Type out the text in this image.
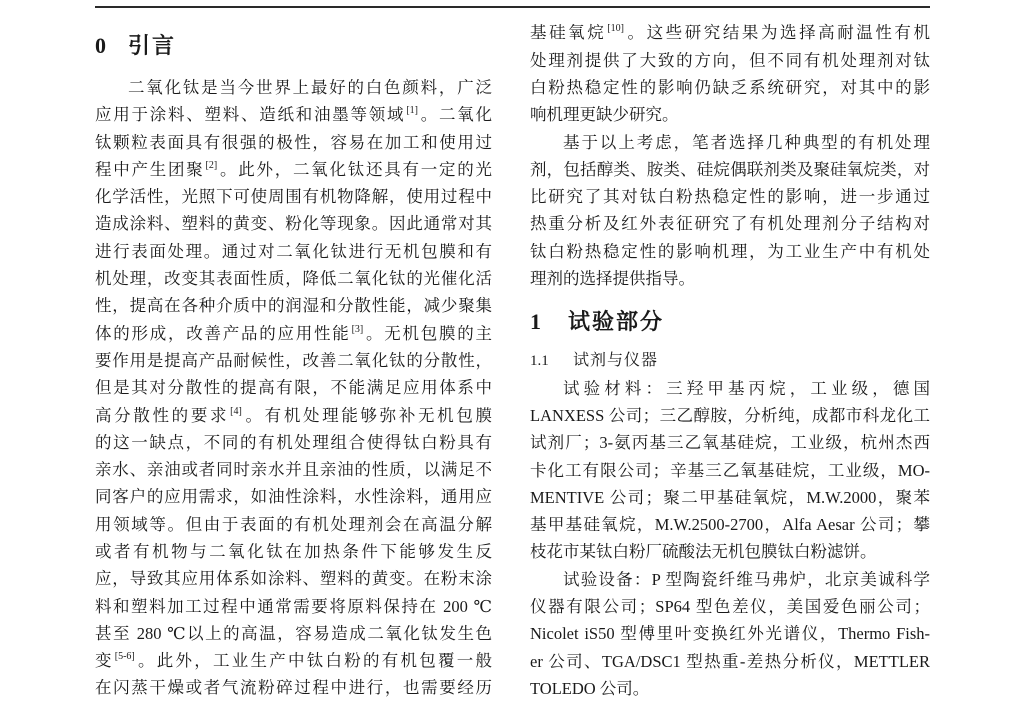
0 引言
二氧化钛是当今世界上最好的白色颜料，广泛
应用于涂料、塑料、造纸和油墨等领域[1]。二氧化
钛颗粒表面具有很强的极性，容易在加工和使用过
程中产生团聚[2]。此外，二氧化钛还具有一定的光
化学活性，光照下可使周围有机物降解，使用过程中
造成涂料、塑料的黄变、粉化等现象。因此通常对其
进行表面处理。通过对二氧化钛进行无机包膜和有
机处理，改变其表面性质，降低二氧化钛的光催化活
性，提高在各种介质中的润湿和分散性能，减少聚集
体的形成，改善产品的应用性能[3]。无机包膜的主
要作用是提高产品耐候性，改善二氧化钛的分散性，
但是其对分散性的提高有限，不能满足应用体系中
高分散性的要求[4]。有机处理能够弥补无机包膜
的这一缺点，不同的有机处理组合使得钛白粉具有
亲水、亲油或者同时亲水并且亲油的性质，以满足不
同客户的应用需求，如油性涂料，水性涂料，通用应
用领域等。但由于表面的有机处理剂会在高温分解
或者有机物与二氧化钛在加热条件下能够发生反
应，导致其应用体系如涂料、塑料的黄变。在粉末涂
料和塑料加工过程中通常需要将原料保持在 200 ℃
甚至 280 ℃以上的高温，容易造成二氧化钛发生色
变[5-6]。此外，工业生产中钛白粉的有机包覆一般
在闪蒸干燥或者气流粉碎过程中进行，也需要经历
基硅氧烷[10]。这些研究结果为选择高耐温性有机
处理剂提供了大致的方向，但不同有机处理剂对钛
白粉热稳定性的影响仍缺乏系统研究，对其中的影
响机理更缺少研究。
基于以上考虑，笔者选择几种典型的有机处理
剂，包括醇类、胺类、硅烷偶联剂类及聚硅氧烷类，对
比研究了其对钛白粉热稳定性的影响，进一步通过
热重分析及红外表征研究了有机处理剂分子结构对
钛白粉热稳定性的影响机理，为工业生产中有机处
理剂的选择提供指导。
1 试验部分
1.1 试剂与仪器
试验材料：三羟甲基丙烷，工业级，德国
LANXESS 公司；三乙醇胺，分析纯，成都市科龙化工
试剂厂；3-氨丙基三乙氧基硅烷，工业级，杭州杰西
卡化工有限公司；辛基三乙氧基硅烷，工业级，MO-
MENTIVE 公司；聚二甲基硅氧烷，M.W.2000，聚苯
基甲基硅氧烷，M.W.2500-2700，Alfa Aesar 公司；攀
枝花市某钛白粉厂硫酸法无机包膜钛白粉滤饼。
试验设备：P 型陶瓷纤维马弗炉，北京美诚科学
仪器有限公司；SP64 型色差仪，美国爱色丽公司；
Nicolet iS50 型傅里叶变换红外光谱仪，Thermo Fish-
er 公司、TGA/DSC1 型热重-差热分析仪，METTLER
TOLEDO 公司。
